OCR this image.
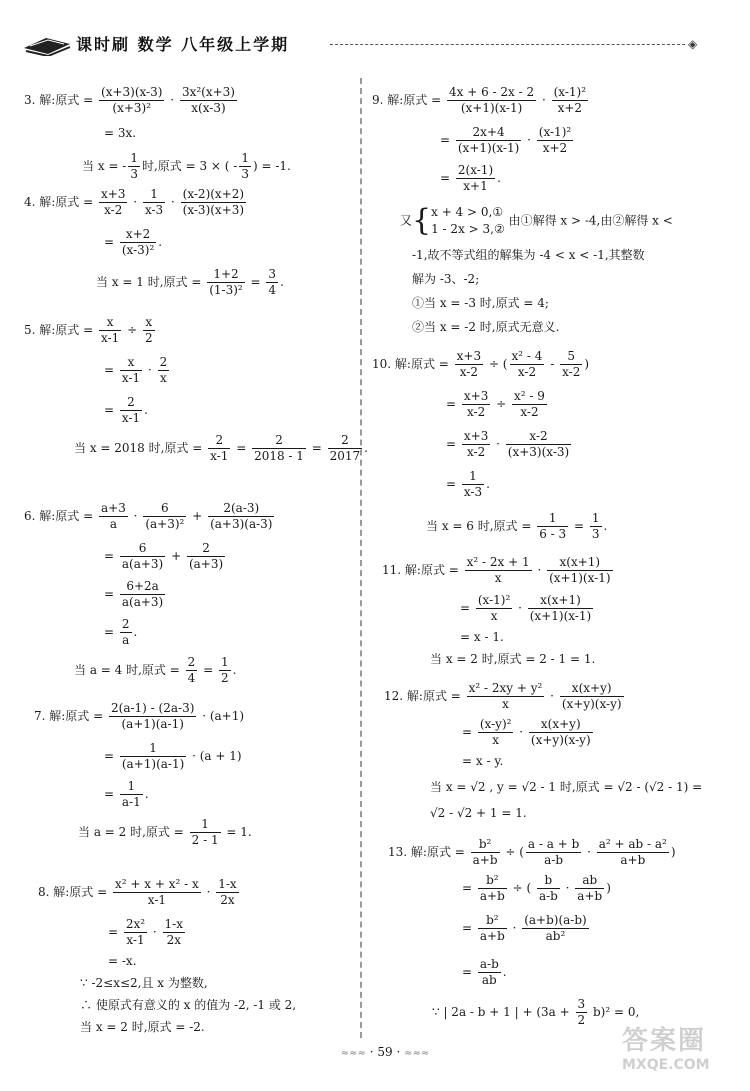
课时刷 数学 八年级上学期	◈
3. 解:原式 = $\frac{(x+3)(x-3)}{\text{(x+3)²}} \cdot \frac{\text{3x²(x+3)}}{x(x-3)}$
= 3x.
当 x = - $\frac{1}{3}$ 时,原式 = 3 × ( - $\frac{1}{3}$ ) = -1.
4. 解:原式 = $\frac{x+3}{x-2} \cdot \frac{1}{x-3} \cdot \frac{(x-2)(x+2)}{(x-3)(x+3)}$
= $\frac{x+2}{\text{(x-3)²}}$ .
当 x = 1 时,原式 = $\frac{1+2}{\text{(1-3)²}} = \frac{3}{4}$ .
5. 解:原式 = $\frac{x}{x-1} \div \frac{x}{2}$
= $\frac{x}{x-1} \cdot \frac{2}{x}$
= $\frac{2}{x-1}$ .
当 x = 2018 时,原式 = $\frac{2}{x-1} = \frac{2}{2018 - 1} = \frac{2}{2017}$ .
6. 解:原式 = $\frac{a+3}{a} \cdot \frac{6}{\text{(a+3)²}} + \frac{2(a-3)}{(a+3)(a-3)}$
= $\frac{6}{a(a+3)} + \frac{2}{(a+3)}$
= $\frac{6+2a}{a(a+3)}$
= $\frac{2}{a}$ .
当 a = 4 时,原式 = $\frac{2}{4} = \frac{1}{2}$ .
7. 解:原式 = $\frac{2(a-1) - (2a-3)}{(a+1)(a-1)} \cdot (a+1)$
= $\frac{1}{(a+1)(a-1)} \cdot (a + 1)$
= $\frac{1}{a-1}$ .
当 a = 2 时,原式 = $\frac{1}{2 - 1} = 1$.
8. 解:原式 = $\frac{\text{x² + x + x² - x}}{x-1} \cdot \frac{1-x}{2x}$
= $\frac{\text{2x²}}{x-1} \cdot \frac{1-x}{2x}$
= -x.
∵ -2≤x≤2,且 x 为整数,
∴ 使原式有意义的 x 的值为 -2, -1 或 2,
当 x = 2 时,原式 = -2.
9. 解:原式 = $\frac{4x + 6 - 2x - 2}{(x+1)(x-1)} \cdot \frac{\text{(x-1)²}}{x+2}$
= $\frac{2x+4}{(x+1)(x-1)} \cdot \frac{\text{(x-1)²}}{x+2}$
= $\frac{2(x-1)}{x+1}$ .
又{x + 4 > 0,①
1 - 2x > 3,② 由①解得 x > -4,由②解得 x <
-1,故不等式组的解集为 -4 < x < -1,其整数
解为 -3、-2;
①当 x = -3 时,原式 = 4;
②当 x = -2 时,原式无意义.
10. 解:原式 = $\frac{x+3}{x-2}$ ÷ ( $\frac{\text{x² - 4}}{x-2} - \frac{5}{x-2}$ )
= $\frac{x+3}{x-2} \div \frac{\text{x² - 9}}{x-2}$
= $\frac{x+3}{x-2} \cdot \frac{x-2}{(x+3)(x-3)}$
= $\frac{1}{x-3}$ .
当 x = 6 时,原式 = $\frac{1}{6 - 3} = \frac{1}{3}$ .
11. 解:原式 = $\frac{\text{x² - 2x + 1}}{x} \cdot \frac{x(x+1)}{(x+1)(x-1)}$
= $\frac{\text{(x-1)²}}{x} \cdot \frac{x(x+1)}{(x+1)(x-1)}$
= x - 1.
当 x = 2 时,原式 = 2 - 1 = 1.
12. 解:原式 = $\frac{\text{x² - 2xy + y²}}{x} \cdot \frac{x(x+y)}{(x+y)(x-y)}$
= $\frac{\text{(x-y)²}}{x} \cdot \frac{x(x+y)}{(x+y)(x-y)}$
= x - y.
当 x = √2 , y = √2 - 1 时,原式 = √2 - (√2 - 1) =
√2 - √2 + 1 = 1.
13. 解:原式 = $\frac{\text{b²}}{a+b}$ ÷ ( $\frac{a - a + b}{a-b} \cdot \frac{\text{a² + ab - a²}}{a+b}$ )
= $\frac{\text{b²}}{a+b}$ ÷ ( $\frac{b}{a-b} \cdot \frac{ab}{a+b}$ )
= $\frac{\text{b²}}{a+b} \cdot \frac{(a+b)(a-b)}{\text{ab²}}$
= $\frac{a-b}{ab}$ .
∵ | 2a - b + 1 | + $(3a + \frac{3}{2} b)^2 = 0$,
≈≈≈ · 59 · ≈≈≈	答案圈
MXQE.COM
